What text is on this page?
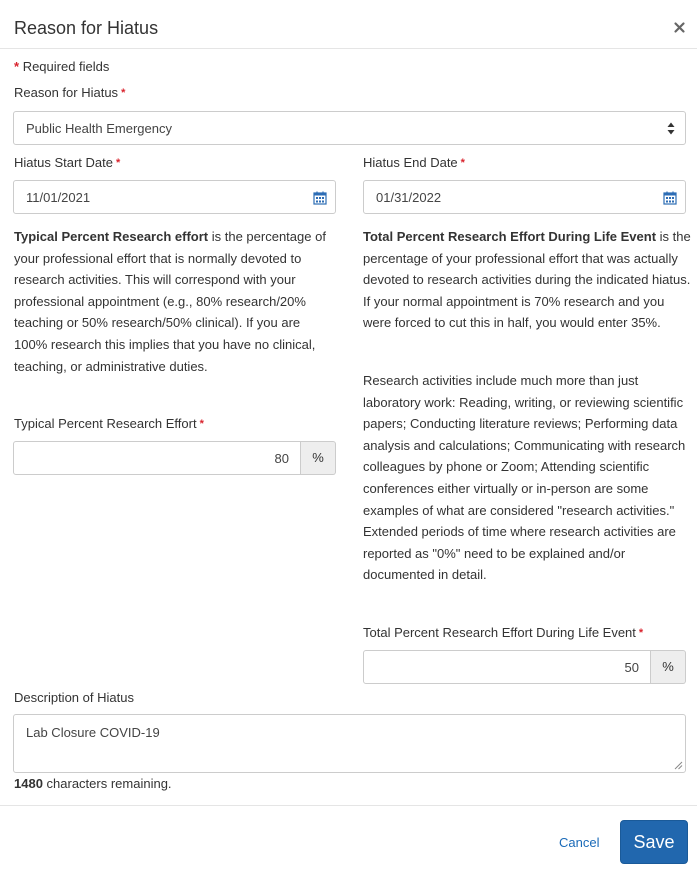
Reason for Hiatus
* Required fields
Reason for Hiatus *
Public Health Emergency
Hiatus Start Date *
11/01/2021
Hiatus End Date *
01/31/2022
Typical Percent Research effort is the percentage of your professional effort that is normally devoted to research activities. This will correspond with your professional appointment (e.g., 80% research/20% teaching or 50% research/50% clinical). If you are 100% research this implies that you have no clinical, teaching, or administrative duties.
Total Percent Research Effort During Life Event is the percentage of your professional effort that was actually devoted to research activities during the indicated hiatus. If your normal appointment is 70% research and you were forced to cut this in half, you would enter 35%.
Research activities include much more than just laboratory work: Reading, writing, or reviewing scientific papers; Conducting literature reviews; Performing data analysis and calculations; Communicating with research colleagues by phone or Zoom; Attending scientific conferences either virtually or in-person are some examples of what are considered "research activities." Extended periods of time where research activities are reported as "0%" need to be explained and/or documented in detail.
Typical Percent Research Effort *
80	%
Total Percent Research Effort During Life Event *
50	%
Description of Hiatus
Lab Closure COVID-19
1480 characters remaining.
Cancel	Save
